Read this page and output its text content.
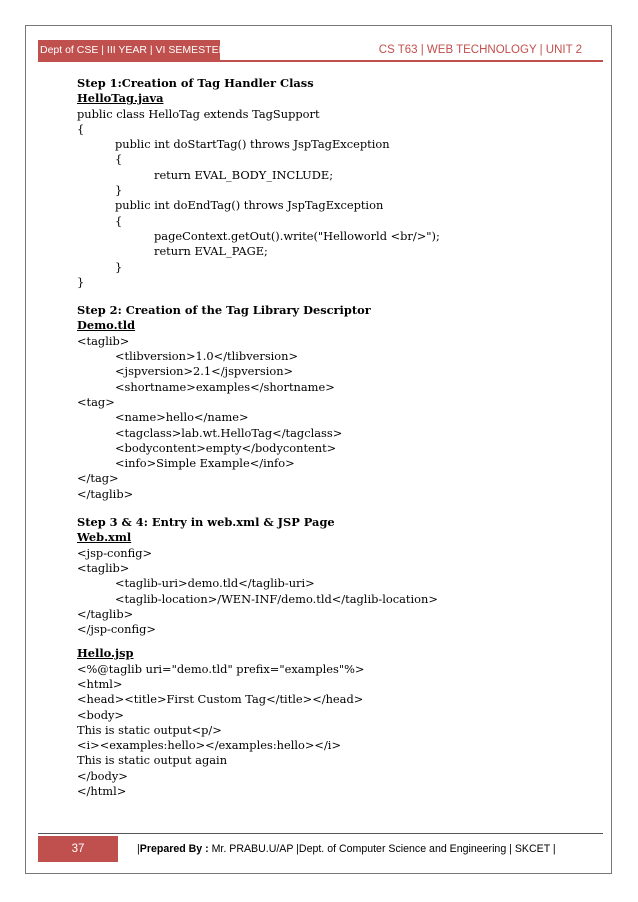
Dept of CSE | III YEAR | VI SEMESTER	CS T63 | WEB TECHNOLOGY | UNIT 2
Step 1:Creation of Tag Handler Class
HelloTag.java
public class HelloTag extends TagSupport
{
public int doStartTag() throws JspTagException
{
return EVAL_BODY_INCLUDE;
}
public int doEndTag() throws JspTagException
{
pageContext.getOut().write("Helloworld <br/>");
return EVAL_PAGE;
}
}
Step 2: Creation of the Tag Library Descriptor
Demo.tld
<taglib>
<tlibversion>1.0</tlibversion>
<jspversion>2.1</jspversion>
<shortname>examples</shortname>
<tag>
<name>hello</name>
<tagclass>lab.wt.HelloTag</tagclass>
<bodycontent>empty</bodycontent>
<info>Simple Example</info>
</tag>
</taglib>
Step 3 & 4: Entry in web.xml & JSP Page
Web.xml
<jsp-config>
<taglib>
<taglib-uri>demo.tld</taglib-uri>
<taglib-location>/WEN-INF/demo.tld</taglib-location>
</taglib>
</jsp-config>
Hello.jsp
<%@taglib uri="demo.tld" prefix="examples"%>
<html>
<head><title>First Custom Tag</title></head>
<body>
This is static output<p/>
<i><examples:hello></examples:hello></i>
This is static output again
</body>
</html>
37	|Prepared By : Mr. PRABU.U/AP |Dept. of Computer Science and Engineering | SKCET |
